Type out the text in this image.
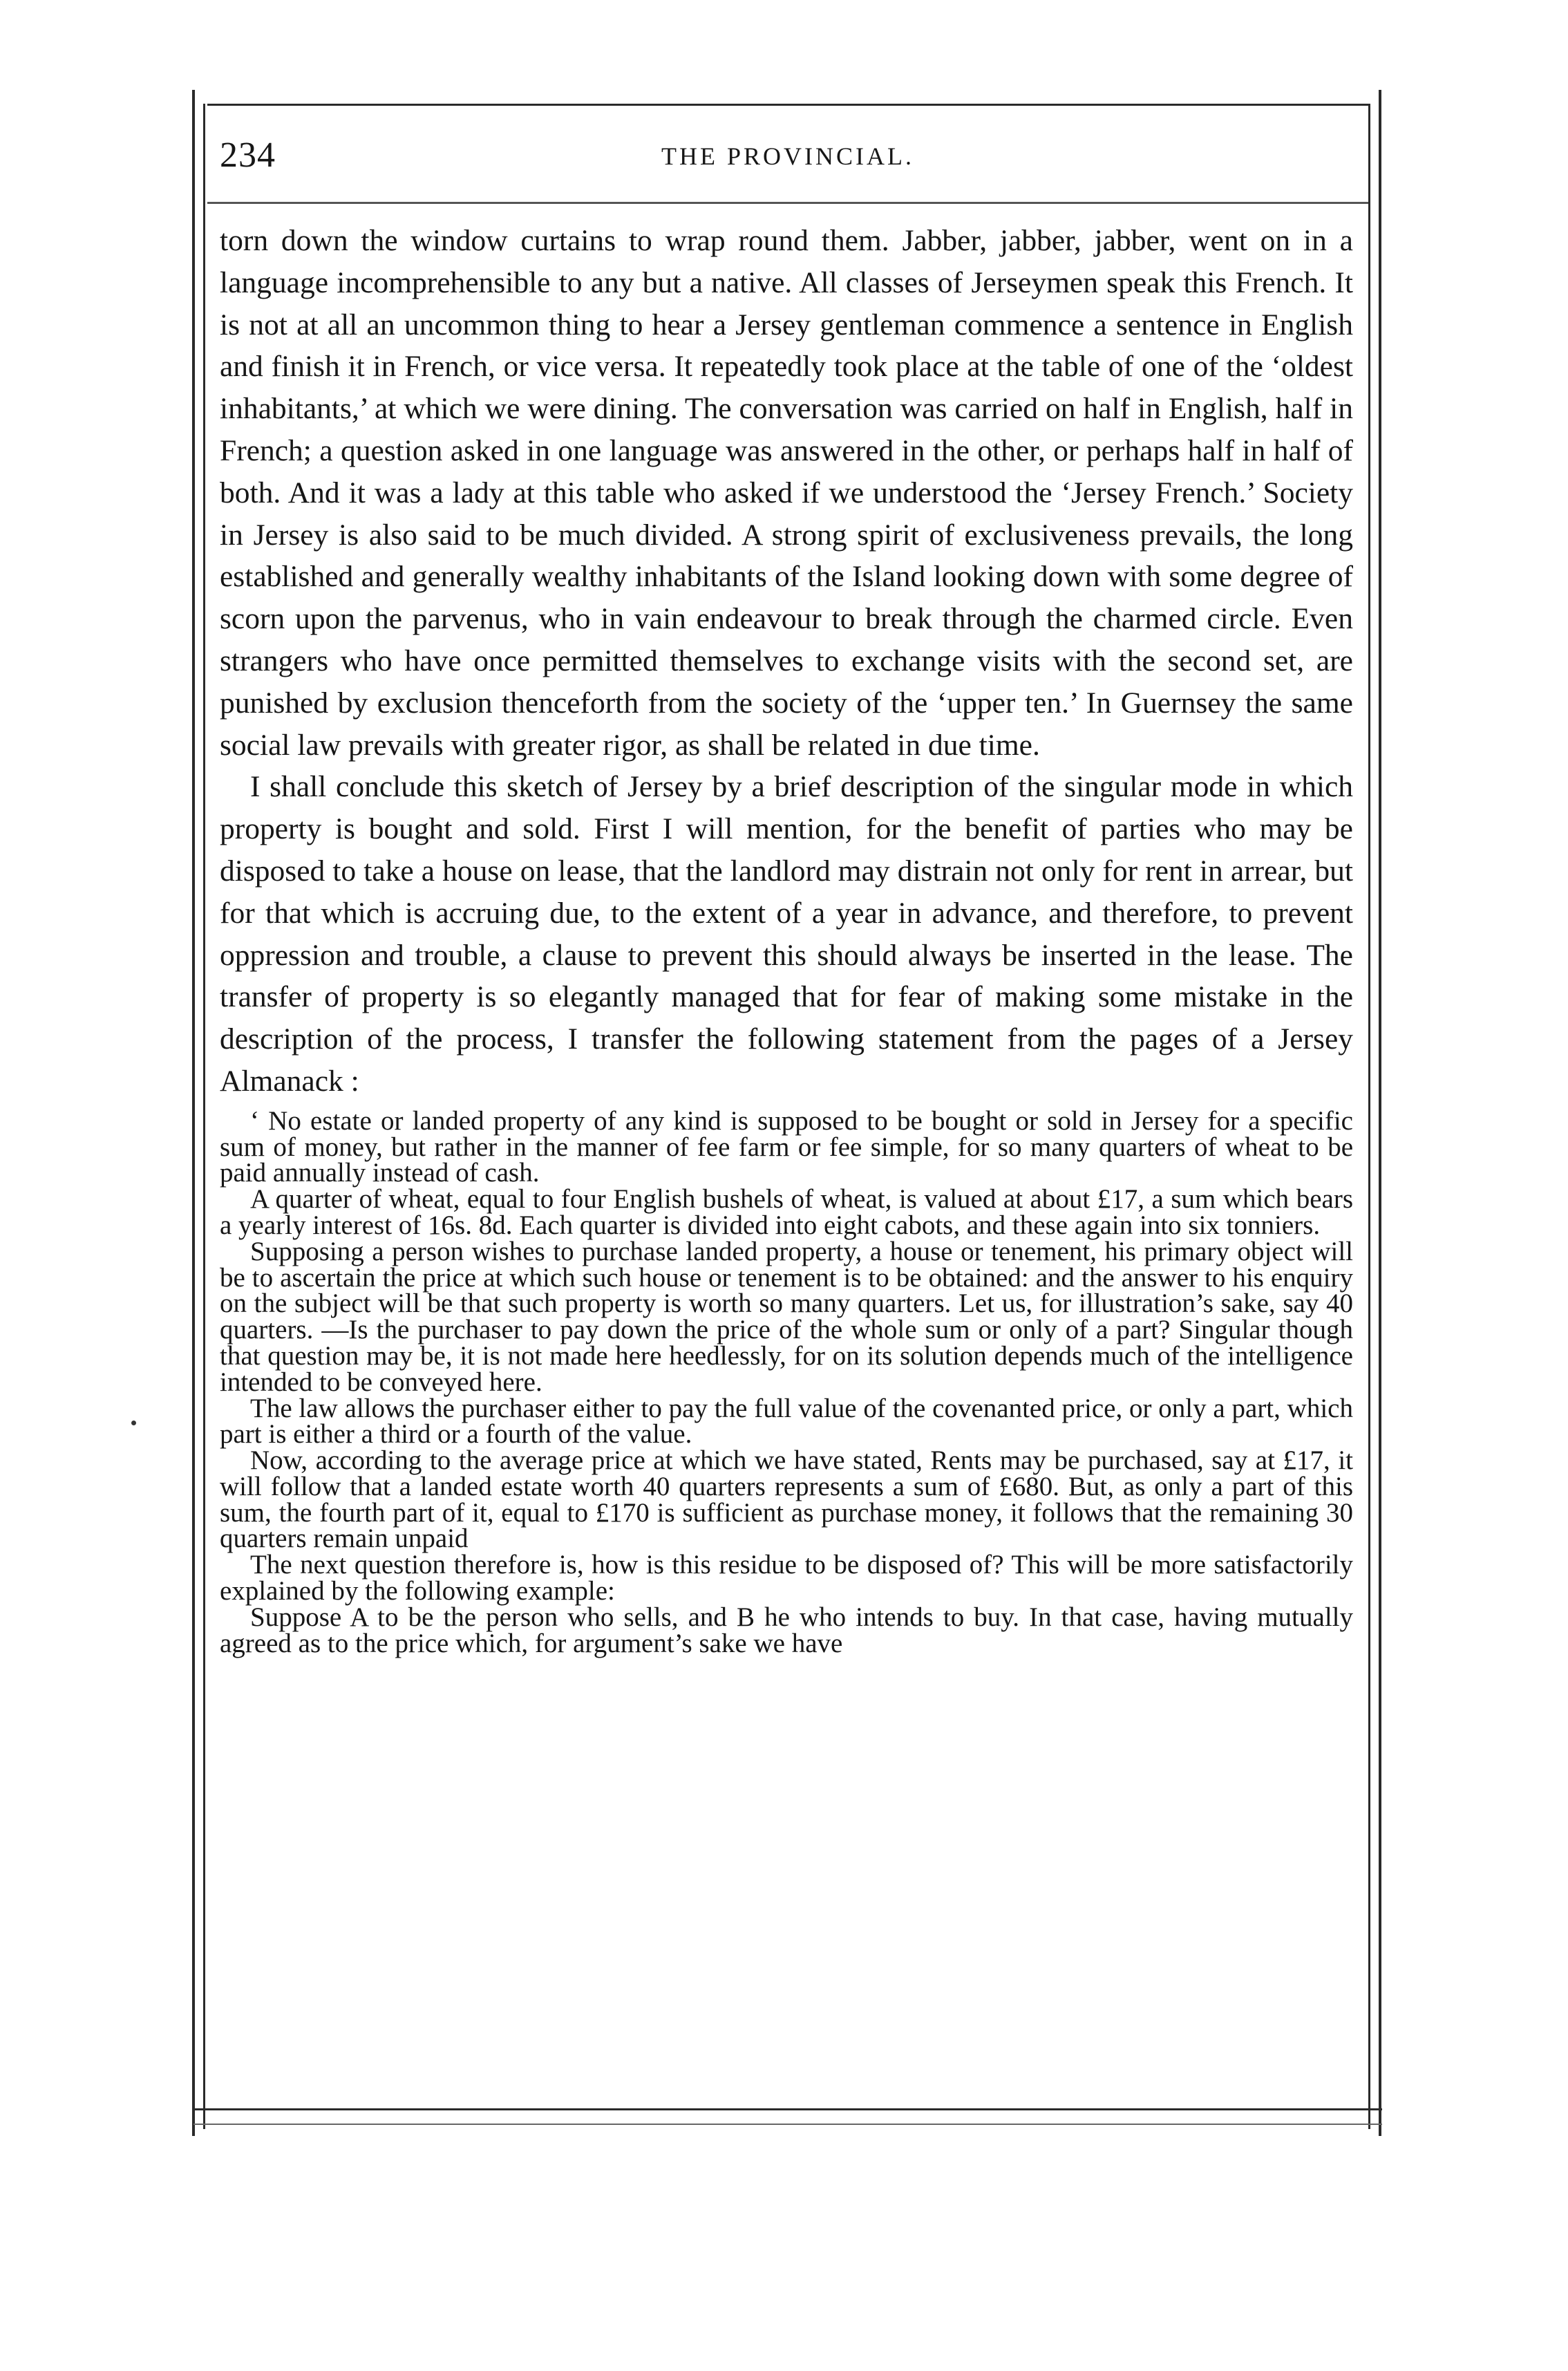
234	THE PROVINCIAL.

torn down the window curtains to wrap round them. Jabber, jabber, jabber, went on in a language incomprehensible to any but a native. All classes of Jerseymen speak this French. It is not at all an uncommon thing to hear a Jersey gentleman commence a sentence in English and finish it in French, or vice versa. It repeatedly took place at the table of one of the ‘oldest inhabitants,’ at which we were dining. The conversation was carried on half in English, half in French; a question asked in one language was answered in the other, or perhaps half in half of both. And it was a lady at this table who asked if we understood the ‘Jersey French.’ Society in Jersey is also said to be much divided. A strong spirit of exclusiveness prevails, the long established and generally wealthy inhabitants of the Island looking down with some degree of scorn upon the parvenus, who in vain endeavour to break through the charmed circle. Even strangers who have once permitted themselves to exchange visits with the second set, are punished by exclusion thenceforth from the society of the ‘upper ten.’ In Guernsey the same social law prevails with greater rigor, as shall be related in due time.

I shall conclude this sketch of Jersey by a brief description of the singular mode in which property is bought and sold. First I will mention, for the benefit of parties who may be disposed to take a house on lease, that the landlord may distrain not only for rent in arrear, but for that which is accruing due, to the extent of a year in advance, and therefore, to prevent oppression and trouble, a clause to prevent this should always be inserted in the lease. The transfer of property is so elegantly managed that for fear of making some mistake in the description of the process, I transfer the following statement from the pages of a Jersey Almanack :

‘ No estate or landed property of any kind is supposed to be bought or sold in Jersey for a specific sum of money, but rather in the manner of fee farm or fee simple, for so many quarters of wheat to be paid annually instead of cash.

A quarter of wheat, equal to four English bushels of wheat, is valued at about £17, a sum which bears a yearly interest of 16s. 8d. Each quarter is divided into eight cabots, and these again into six tonniers.

Supposing a person wishes to purchase landed property, a house or tenement, his primary object will be to ascertain the price at which such house or tenement is to be obtained: and the answer to his enquiry on the subject will be that such property is worth so many quarters. Let us, for illustration’s sake, say 40 quarters. —Is the purchaser to pay down the price of the whole sum or only of a part? Singular though that question may be, it is not made here heedlessly, for on its solution depends much of the intelligence intended to be conveyed here.

The law allows the purchaser either to pay the full value of the covenanted price, or only a part, which part is either a third or a fourth of the value.

Now, according to the average price at which we have stated, Rents may be purchased, say at £17, it will follow that a landed estate worth 40 quarters represents a sum of £680. But, as only a part of this sum, the fourth part of it, equal to £170 is sufficient as purchase money, it follows that the remaining 30 quarters remain unpaid

The next question therefore is, how is this residue to be disposed of? This will be more satisfactorily explained by the following example:

Suppose A to be the person who sells, and B he who intends to buy. In that case, having mutually agreed as to the price which, for argument’s sake we have
